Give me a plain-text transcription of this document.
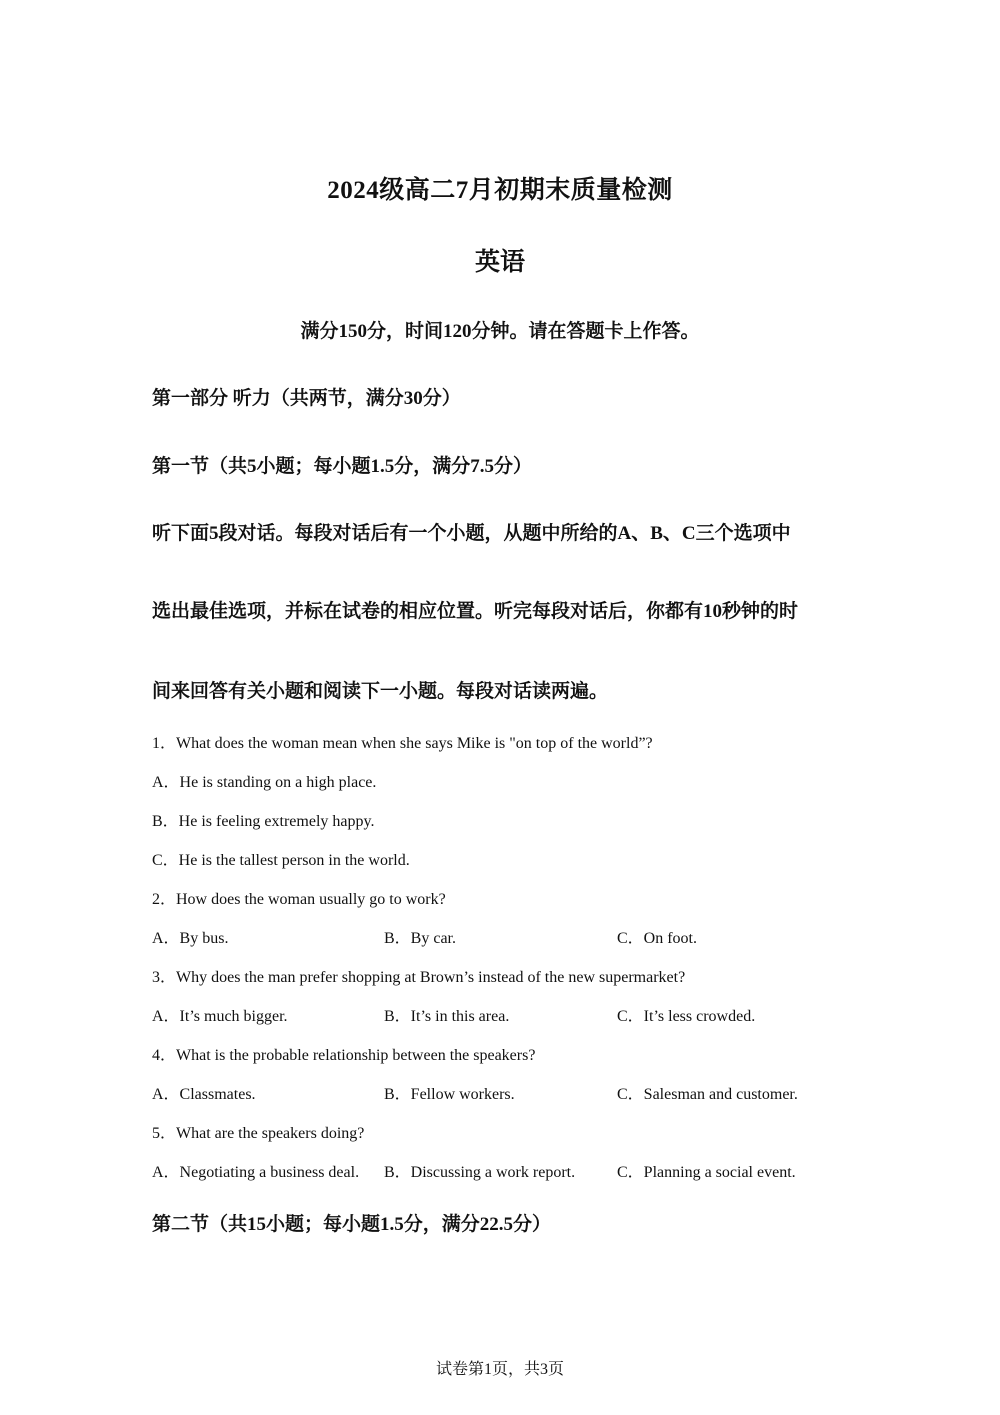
2024级高二7月初期末质量检测
英语
满分150分，时间120分钟。请在答题卡上作答。
第一部分 听力（共两节，满分30分）
第一节（共5小题；每小题1.5分，满分7.5分）
听下面5段对话。每段对话后有一个小题，从题中所给的A、B、C三个选项中
选出最佳选项，并标在试卷的相应位置。听完每段对话后，你都有10秒钟的时
间来回答有关小题和阅读下一小题。每段对话读两遍。
1．What does the woman mean when she says Mike is "on top of the world”?
A．He is standing on a high place.
B．He is feeling extremely happy.
C．He is the tallest person in the world.
2．How does the woman usually go to work?
A．By bus.	B．By car.	C．On foot.
3．Why does the man prefer shopping at Brown’s instead of the new supermarket?
A．It’s much bigger.	B．It’s in this area.	C．It’s less crowded.
4．What is the probable relationship between the speakers?
A．Classmates.	B．Fellow workers.	C．Salesman and customer.
5．What are the speakers doing?
A．Negotiating a business deal. B．Discussing a work report.	C．Planning a social event.
第二节（共15小题；每小题1.5分，满分22.5分）
试卷第1页，共3页
